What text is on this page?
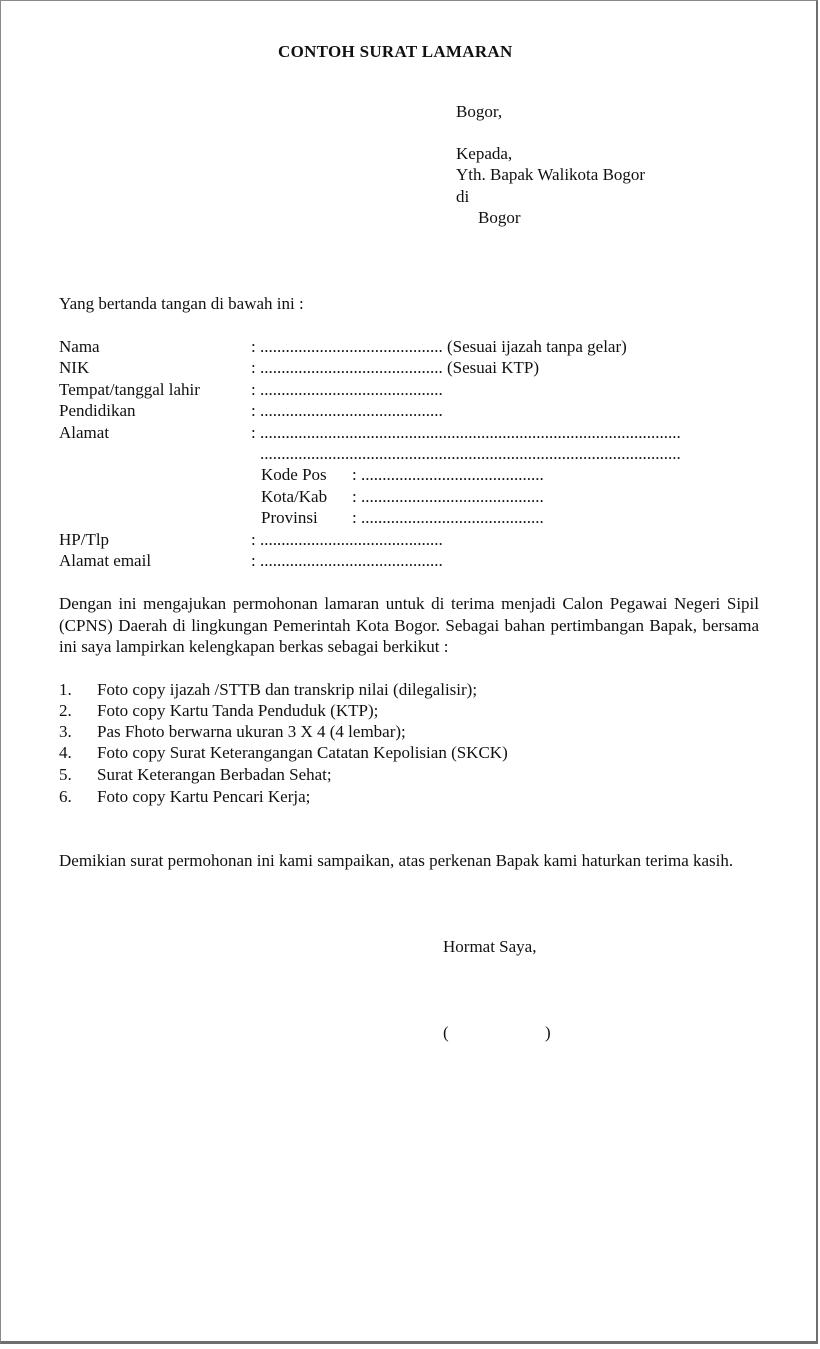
CONTOH SURAT LAMARAN
Bogor,
Kepada,
Yth. Bapak Walikota Bogor
di
Bogor
Yang bertanda tangan di bawah ini :
Nama	: ........................................... (Sesuai ijazah tanpa gelar)
NIK	: ........................................... (Sesuai KTP)
Tempat/tanggal lahir	: ...........................................
Pendidikan	: ...........................................
Alamat	: ...................................................................................................
...................................................................................................
Kode Pos : ...........................................
Kota/Kab : ...........................................
Provinsi : ...........................................
HP/Tlp	: ...........................................
Alamat email	: ...........................................
Dengan ini mengajukan permohonan lamaran untuk di terima menjadi Calon Pegawai Negeri Sipil (CPNS) Daerah di lingkungan Pemerintah Kota Bogor. Sebagai bahan pertimbangan Bapak, bersama ini saya lampirkan kelengkapan berkas sebagai berkikut :
1. Foto copy ijazah /STTB dan transkrip nilai (dilegalisir);
2. Foto copy Kartu Tanda Penduduk (KTP);
3. Pas Fhoto berwarna ukuran 3 X 4 (4 lembar);
4. Foto copy Surat Keterangangan Catatan Kepolisian (SKCK)
5. Surat Keterangan Berbadan Sehat;
6. Foto copy Kartu Pencari Kerja;
Demikian surat permohonan ini kami sampaikan, atas perkenan Bapak kami haturkan terima kasih.
Hormat Saya,
(	)
